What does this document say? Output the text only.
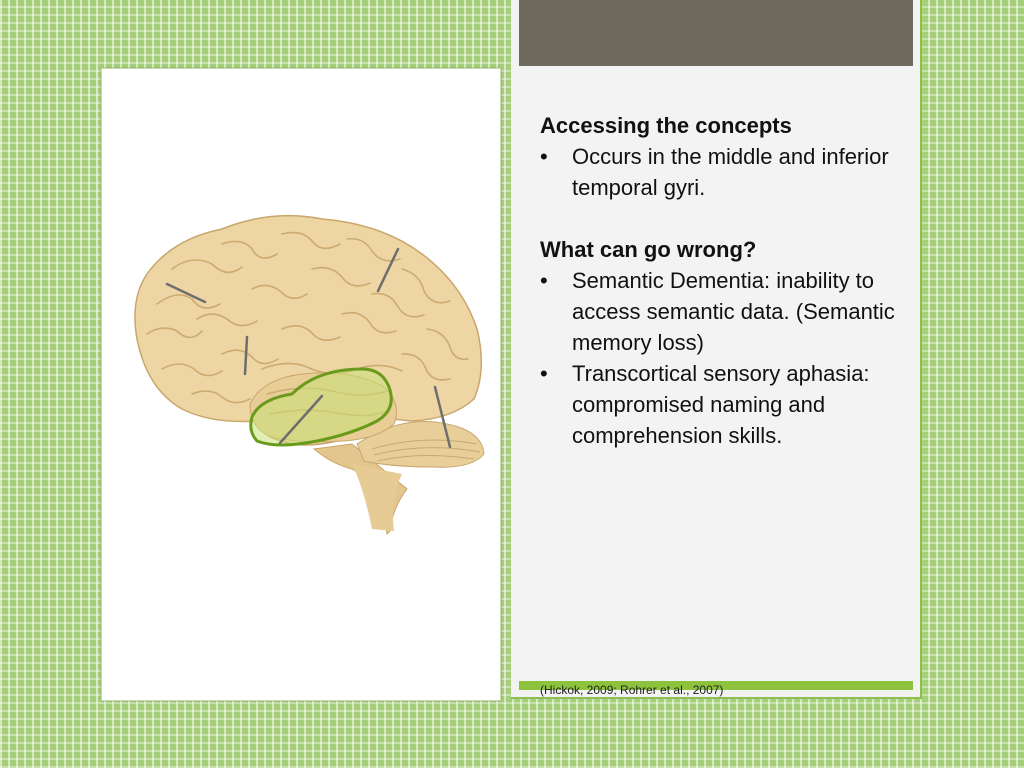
Accessing the concepts

• Occurs in the middle and inferior temporal gyri.

What can go wrong?

• Semantic Dementia: inability to access semantic data. (Semantic memory loss)
• Transcortical sensory aphasia: compromised naming and comprehension skills.
(Hickok, 2009; Rohrer et al., 2007)
